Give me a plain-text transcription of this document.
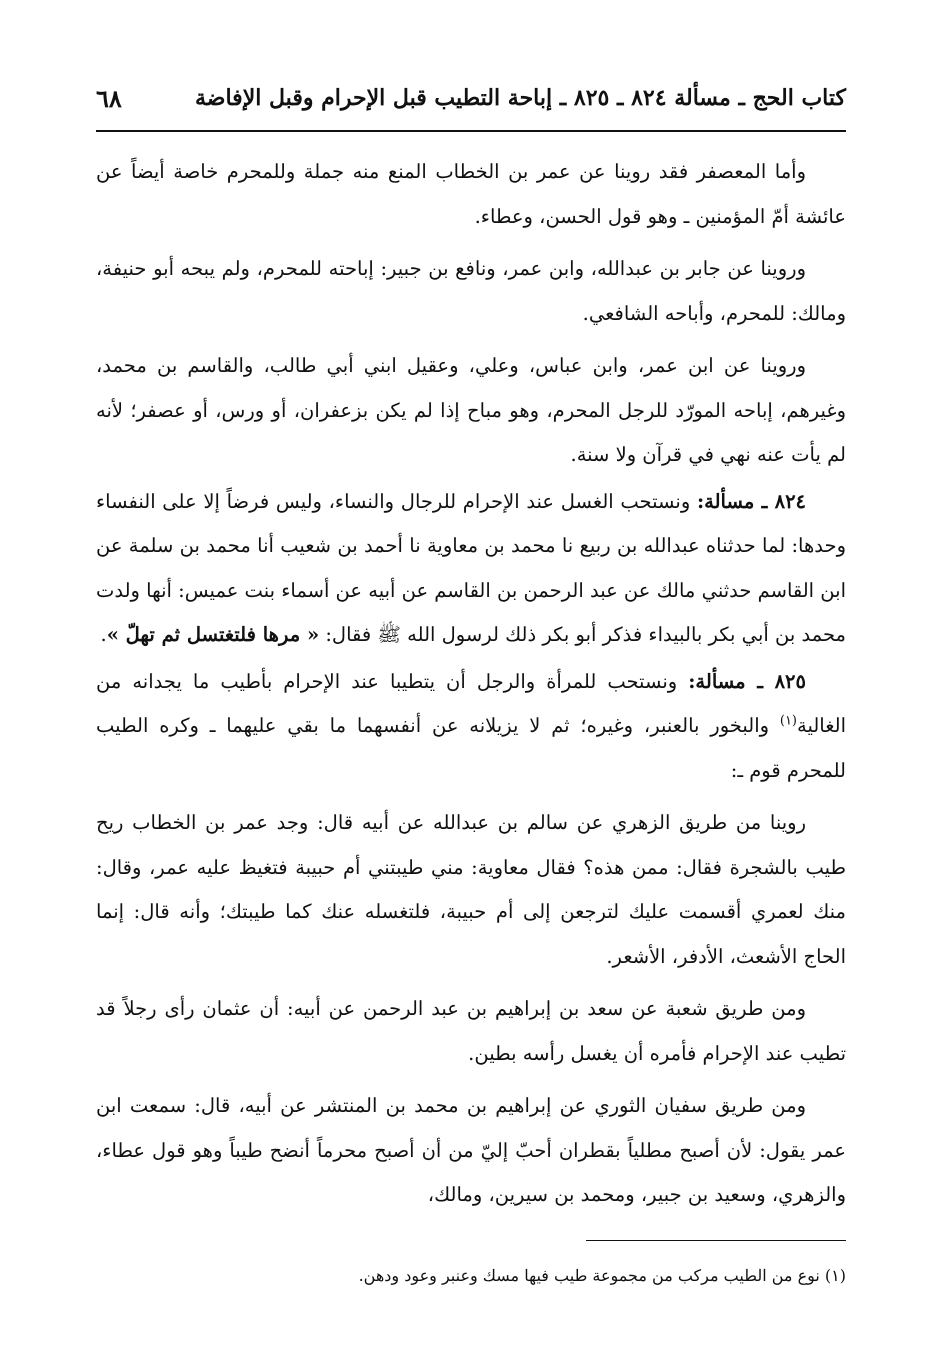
كتاب الحج ـ مسألة ٨٢٤ ـ ٨٢٥ ـ إباحة التطيب قبل الإحرام وقبل الإفاضة
٦٨

وأما المعصفر فقد روينا عن عمر بن الخطاب المنع منه جملة وللمحرم خاصة أيضاً عن عائشة أمّ المؤمنين ـ وهو قول الحسن، وعطاء.

وروينا عن جابر بن عبدالله، وابن عمر، ونافع بن جبير: إباحته للمحرم، ولم يبحه أبو حنيفة، ومالك: للمحرم، وأباحه الشافعي.

وروينا عن ابن عمر، وابن عباس، وعلي، وعقيل ابني أبي طالب، والقاسم بن محمد، وغيرهم، إباحه المورّد للرجل المحرم، وهو مباح إذا لم يكن بزعفران، أو ورس، أو عصفر؛ لأنه لم يأت عنه نهي في قرآن ولا سنة.

٨٢٤ ـ مسألة: ونستحب الغسل عند الإحرام للرجال والنساء، وليس فرضاً إلا على النفساء وحدها: لما حدثناه عبدالله بن ربيع نا محمد بن معاوية نا أحمد بن شعيب أنا محمد بن سلمة عن ابن القاسم حدثني مالك عن عبد الرحمن بن القاسم عن أبيه عن أسماء بنت عميس: أنها ولدت محمد بن أبي بكر بالبيداء فذكر أبو بكر ذلك لرسول الله ﷺ فقال: « مرها فلتغتسل ثم تهلّ ».

٨٢٥ ـ مسألة: ونستحب للمرأة والرجل أن يتطيبا عند الإحرام بأطيب ما يجدانه من الغالية$^{(١)}$ والبخور بالعنبر، وغيره؛ ثم لا يزيلانه عن أنفسهما ما بقي عليهما ـ وكره الطيب للمحرم قوم ـ:

روينا من طريق الزهري عن سالم بن عبدالله عن أبيه قال: وجد عمر بن الخطاب ريح طيب بالشجرة فقال: ممن هذه؟ فقال معاوية: مني طيبتني أم حبيبة فتغيظ عليه عمر، وقال: منك لعمري أقسمت عليك لترجعن إلى أم حبيبة، فلتغسله عنك كما طيبتك؛ وأنه قال: إنما الحاج الأشعث، الأدفر، الأشعر.

ومن طريق شعبة عن سعد بن إبراهيم بن عبد الرحمن عن أبيه: أن عثمان رأى رجلاً قد تطيب عند الإحرام فأمره أن يغسل رأسه بطين.

ومن طريق سفيان الثوري عن إبراهيم بن محمد بن المنتشر عن أبيه، قال: سمعت ابن عمر يقول: لأن أصبح مطلياً بقطران أحبّ إليّ من أن أصبح محرماً أنضح طيباً وهو قول عطاء، والزهري، وسعيد بن جبير، ومحمد بن سيرين، ومالك،

(١) نوع من الطيب مركب من مجموعة طيب فيها مسك وعنبر وعود ودهن.
